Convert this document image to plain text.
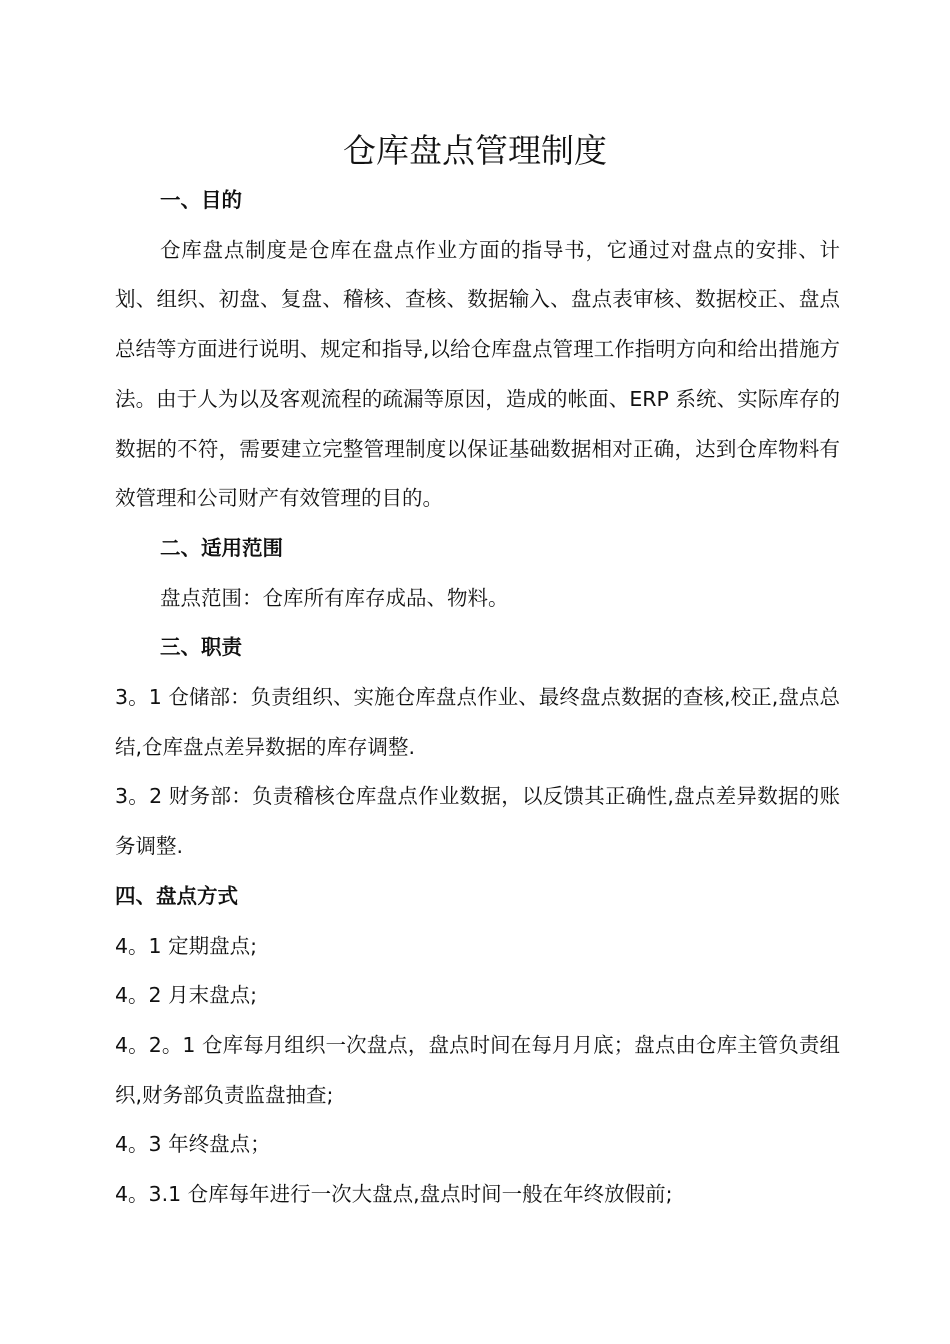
仓库盘点管理制度

一、目的

仓库盘点制度是仓库在盘点作业方面的指导书，它通过对盘点的安排、计划、组织、初盘、复盘、稽核、查核、数据输入、盘点表审核、数据校正、盘点总结等方面进行说明、规定和指导,以给仓库盘点管理工作指明方向和给出措施方法。由于人为以及客观流程的疏漏等原因，造成的帐面、ERP 系统、实际库存的数据的不符，需要建立完整管理制度以保证基础数据相对正确，达到仓库物料有效管理和公司财产有效管理的目的。

二、适用范围

盘点范围：仓库所有库存成品、物料。

三、职责

3。1 仓储部：负责组织、实施仓库盘点作业、最终盘点数据的查核,校正,盘点总结,仓库盘点差异数据的库存调整.

3。2 财务部：负责稽核仓库盘点作业数据，以反馈其正确性,盘点差异数据的账务调整.

四、盘点方式

4。1 定期盘点;

4。2 月末盘点;

4。2。1 仓库每月组织一次盘点，盘点时间在每月月底；盘点由仓库主管负责组织,财务部负责监盘抽查;

4。3 年终盘点；

4。3.1 仓库每年进行一次大盘点,盘点时间一般在年终放假前;
